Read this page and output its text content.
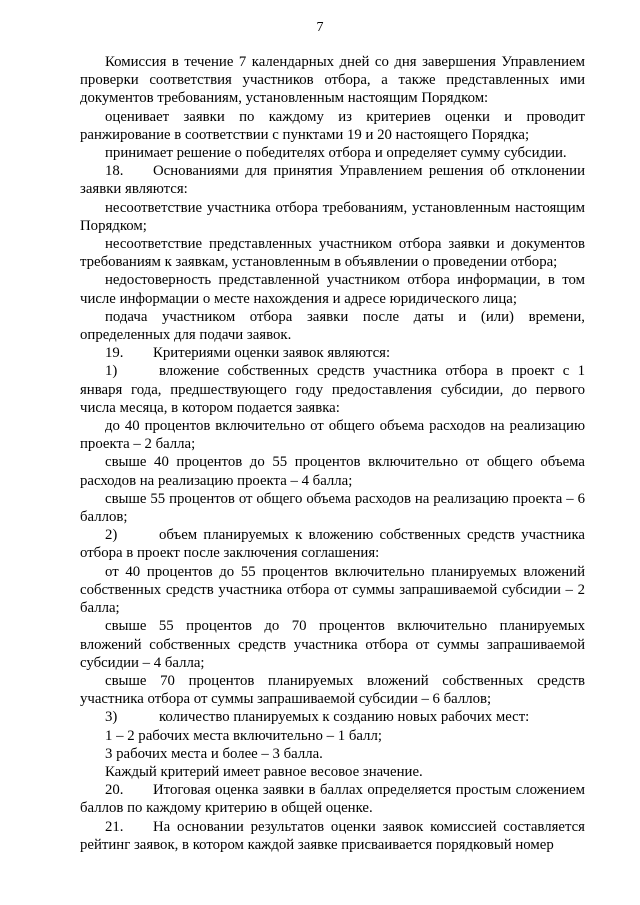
7

Комиссия в течение 7 календарных дней со дня завершения Управлением проверки соответствия участников отбора, а также представленных ими документов требованиям, установленным настоящим Порядком:

оценивает заявки по каждому из критериев оценки и проводит ранжирование в соответствии с пунктами 19 и 20 настоящего Порядка;

принимает решение о победителях отбора и определяет сумму субсидии.

18. Основаниями для принятия Управлением решения об отклонении заявки являются:

несоответствие участника отбора требованиям, установленным настоящим Порядком;

несоответствие представленных участником отбора заявки и документов требованиям к заявкам, установленным в объявлении о проведении отбора;

недостоверность представленной участником отбора информации, в том числе информации о месте нахождения и адресе юридического лица;

подача участником отбора заявки после даты и (или) времени, определенных для подачи заявок.

19. Критериями оценки заявок являются:

1)	вложение собственных средств участника отбора в проект с 1 января года, предшествующего году предоставления субсидии, до первого числа месяца, в котором подается заявка:

до 40 процентов включительно от общего объема расходов на реализацию проекта – 2 балла;

свыше 40 процентов до 55 процентов включительно от общего объема расходов на реализацию проекта – 4 балла;

свыше 55 процентов от общего объема расходов на реализацию проекта – 6 баллов;

2)	объем планируемых к вложению собственных средств участника отбора в проект после заключения соглашения:

от 40 процентов до 55 процентов включительно планируемых вложений собственных средств участника отбора от суммы запрашиваемой субсидии – 2 балла;

свыше 55 процентов до 70 процентов включительно планируемых вложений собственных средств участника отбора от суммы запрашиваемой субсидии – 4 балла;

свыше 70 процентов планируемых вложений собственных средств участника отбора от суммы запрашиваемой субсидии – 6 баллов;

3)	количество планируемых к созданию новых рабочих мест:

1 – 2 рабочих места включительно – 1 балл;

3 рабочих места и более – 3 балла.

Каждый критерий имеет равное весовое значение.

20. Итоговая оценка заявки в баллах определяется простым сложением баллов по каждому критерию в общей оценке.

21. На основании результатов оценки заявок комиссией составляется рейтинг заявок, в котором каждой заявке присваивается порядковый номер
